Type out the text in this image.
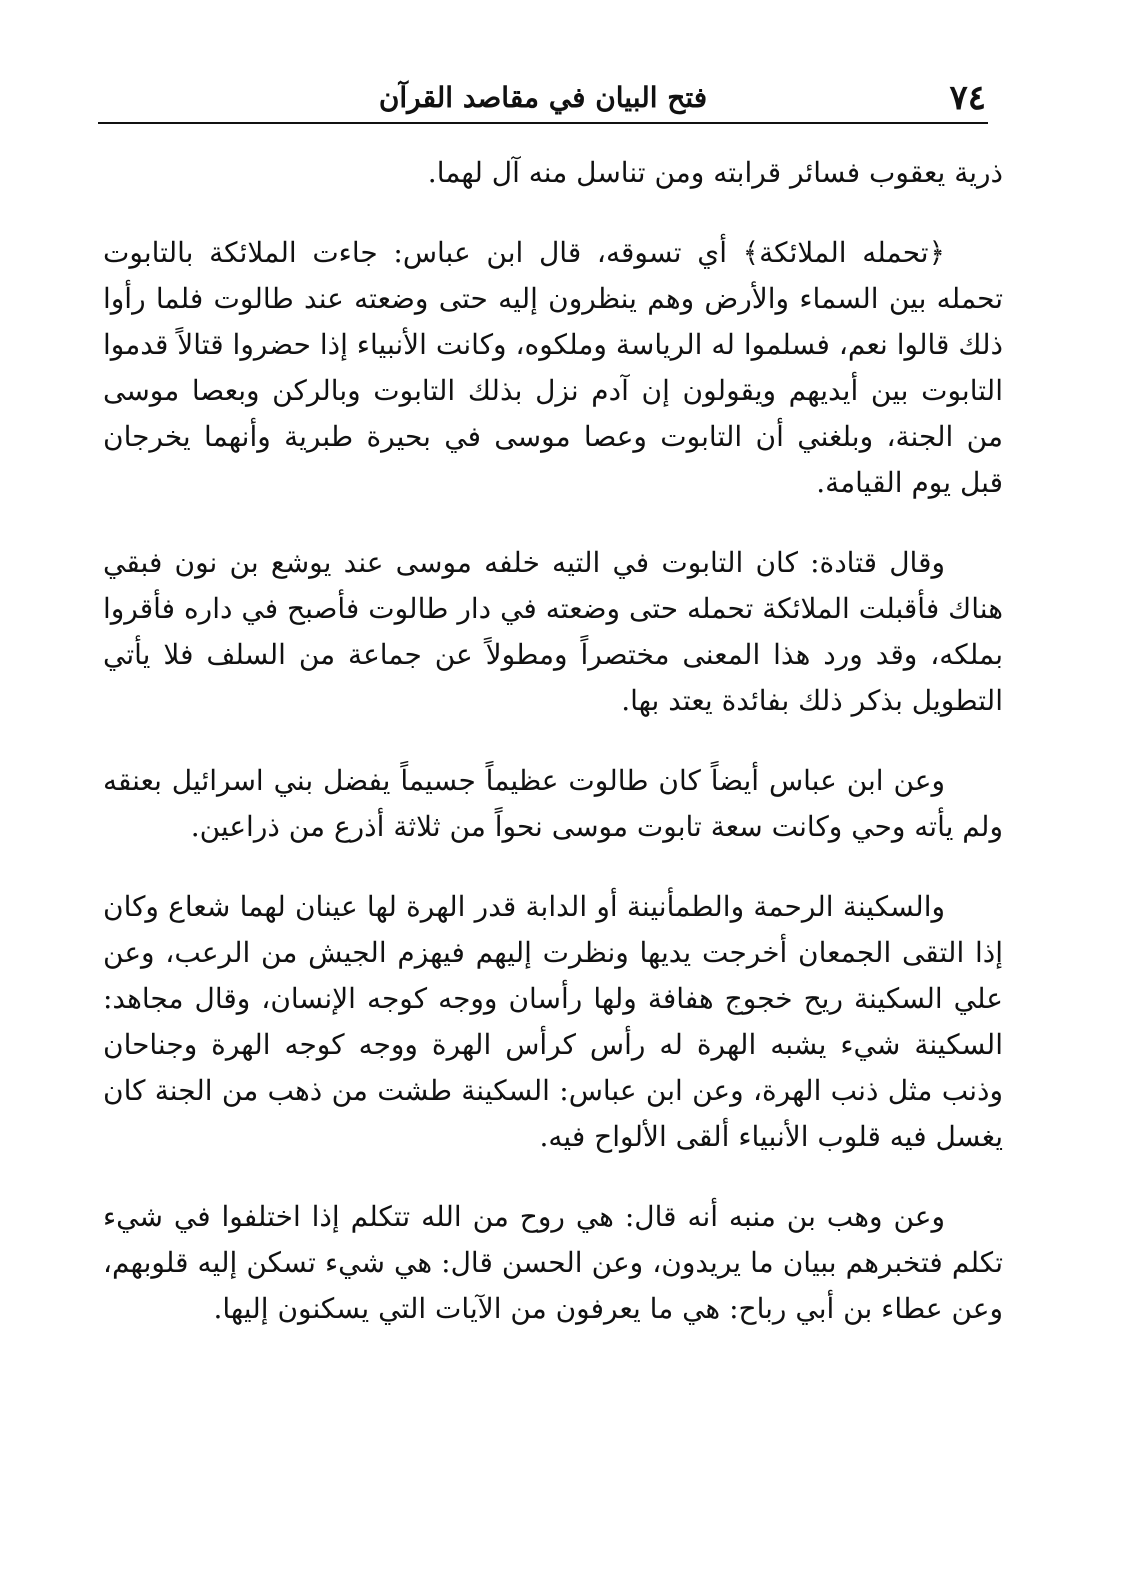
٧٤
فتح البيان في مقاصد القرآن

ذرية يعقوب فسائر قرابته ومن تناسل منه آل لهما.

﴿تحمله الملائكة﴾ أي تسوقه، قال ابن عباس: جاءت الملائكة بالتابوت تحمله بين السماء والأرض وهم ينظرون إليه حتى وضعته عند طالوت فلما رأوا ذلك قالوا نعم، فسلموا له الرياسة وملكوه، وكانت الأنبياء إذا حضروا قتالاً قدموا التابوت بين أيديهم ويقولون إن آدم نزل بذلك التابوت وبالركن وبعصا موسى من الجنة، وبلغني أن التابوت وعصا موسى في بحيرة طبرية وأنهما يخرجان قبل يوم القيامة.

وقال قتادة: كان التابوت في التيه خلفه موسى عند يوشع بن نون فبقي هناك فأقبلت الملائكة تحمله حتى وضعته في دار طالوت فأصبح في داره فأقروا بملكه، وقد ورد هذا المعنى مختصراً ومطولاً عن جماعة من السلف فلا يأتي التطويل بذكر ذلك بفائدة يعتد بها.

وعن ابن عباس أيضاً كان طالوت عظيماً جسيماً يفضل بني اسرائيل بعنقه ولم يأته وحي وكانت سعة تابوت موسى نحواً من ثلاثة أذرع من ذراعين.

والسكينة الرحمة والطمأنينة أو الدابة قدر الهرة لها عينان لهما شعاع وكان إذا التقى الجمعان أخرجت يديها ونظرت إليهم فيهزم الجيش من الرعب، وعن علي السكينة ريح خجوج هفافة ولها رأسان ووجه كوجه الإنسان، وقال مجاهد: السكينة شيء يشبه الهرة له رأس كرأس الهرة ووجه كوجه الهرة وجناحان وذنب مثل ذنب الهرة، وعن ابن عباس: السكينة طشت من ذهب من الجنة كان يغسل فيه قلوب الأنبياء ألقى الألواح فيه.

وعن وهب بن منبه أنه قال: هي روح من الله تتكلم إذا اختلفوا في شيء تكلم فتخبرهم ببيان ما يريدون، وعن الحسن قال: هي شيء تسكن إليه قلوبهم، وعن عطاء بن أبي رباح: هي ما يعرفون من الآيات التي يسكنون إليها.
